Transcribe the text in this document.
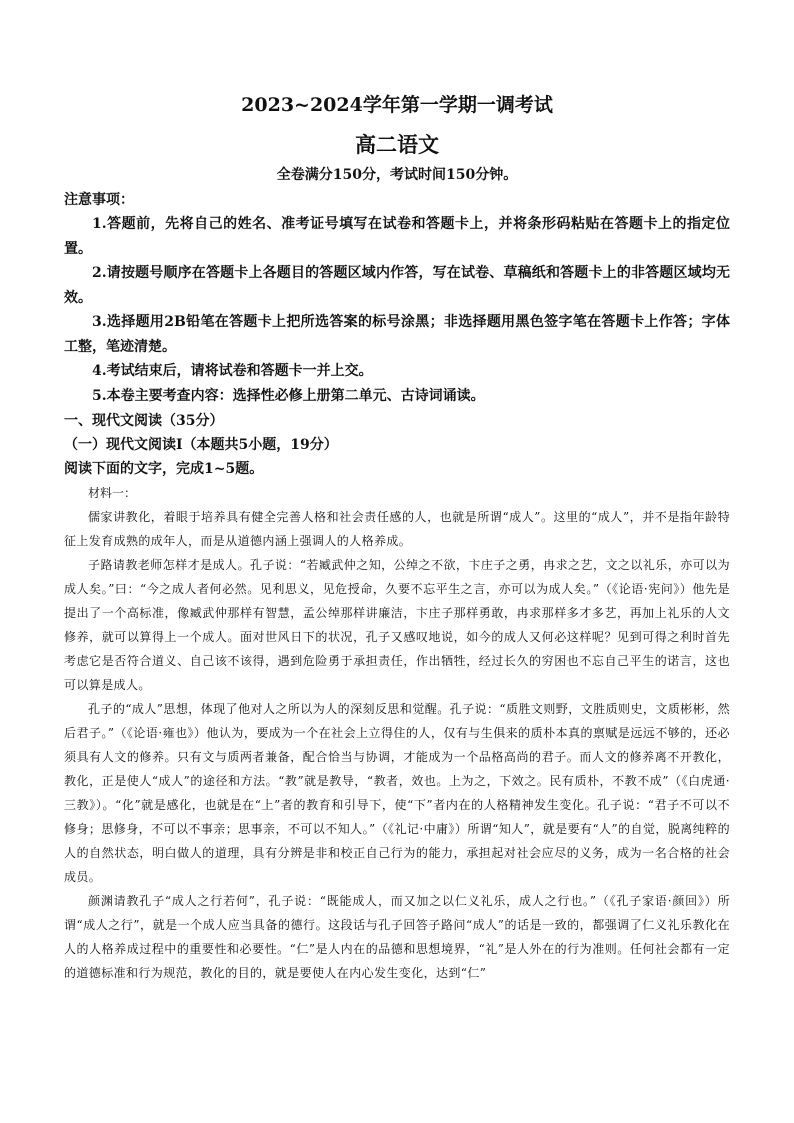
2023~2024学年第一学期一调考试
高二语文

全卷满分150分，考试时间150分钟。

注意事项：

1.答题前，先将自己的姓名、准考证号填写在试卷和答题卡上，并将条形码粘贴在答题卡上的指定位置。

2.请按题号顺序在答题卡上各题目的答题区域内作答，写在试卷、草稿纸和答题卡上的非答题区域均无效。

3.选择题用2B铅笔在答题卡上把所选答案的标号涂黑；非选择题用黑色签字笔在答题卡上作答；字体工整，笔迹清楚。

4.考试结束后，请将试卷和答题卡一并上交。

5.本卷主要考查内容：选择性必修上册第二单元、古诗词诵读。

一、现代文阅读（35分）

（一）现代文阅读Ⅰ（本题共5小题，19分）

阅读下面的文字，完成1~5题。

材料一：

儒家讲教化，着眼于培养具有健全完善人格和社会责任感的人，也就是所谓“成人”。这里的“成人”，并不是指年龄特征上发育成熟的成年人，而是从道德内涵上强调人的人格养成。

子路请教老师怎样才是成人。孔子说：“若臧武仲之知，公绰之不欲，卞庄子之勇，冉求之艺，文之以礼乐，亦可以为成人矣。”曰：“今之成人者何必然。见利思义，见危授命，久要不忘平生之言，亦可以为成人矣。”（《论语·宪问》）他先是提出了一个高标准，像臧武仲那样有智慧，孟公绰那样讲廉洁，卞庄子那样勇敢，冉求那样多才多艺，再加上礼乐的人文修养，就可以算得上一个成人。面对世风日下的状况，孔子又感叹地说，如今的成人又何必这样呢？见到可得之利时首先考虑它是否符合道义、自己该不该得，遇到危险勇于承担责任，作出牺牲，经过长久的穷困也不忘自己平生的诺言，这也可以算是成人。

孔子的“成人”思想，体现了他对人之所以为人的深刻反思和觉醒。孔子说：“质胜文则野，文胜质则史，文质彬彬，然后君子。”（《论语·雍也》）他认为，要成为一个在社会上立得住的人，仅有与生俱来的质朴本真的禀赋是远远不够的，还必须具有人文的修养。只有文与质两者兼备，配合恰当与协调，才能成为一个品格高尚的君子。而人文的修养离不开教化，教化，正是使人“成人”的途径和方法。“教”就是教导，“教者，效也。上为之，下效之。民有质朴，不教不成”（《白虎通·三教》）。“化”就是感化，也就是在“上”者的教育和引导下，使“下”者内在的人格精神发生变化。孔子说：“君子不可以不修身；思修身，不可以不事亲；思事亲，不可以不知人。”（《礼记·中庸》）所谓“知人”，就是要有“人”的自觉，脱离纯粹的人的自然状态，明白做人的道理，具有分辨是非和校正自己行为的能力，承担起对社会应尽的义务，成为一名合格的社会成员。

颜渊请教孔子“成人之行若何”，孔子说：“既能成人，而又加之以仁义礼乐，成人之行也。”（《孔子家语·颜回》）所谓“成人之行”，就是一个成人应当具备的德行。这段话与孔子回答子路问“成人”的话是一致的，都强调了仁义礼乐教化在人的人格养成过程中的重要性和必要性。“仁”是人内在的品德和思想境界，“礼”是人外在的行为准则。任何社会都有一定的道德标准和行为规范，教化的目的，就是要使人在内心发生变化，达到“仁”
